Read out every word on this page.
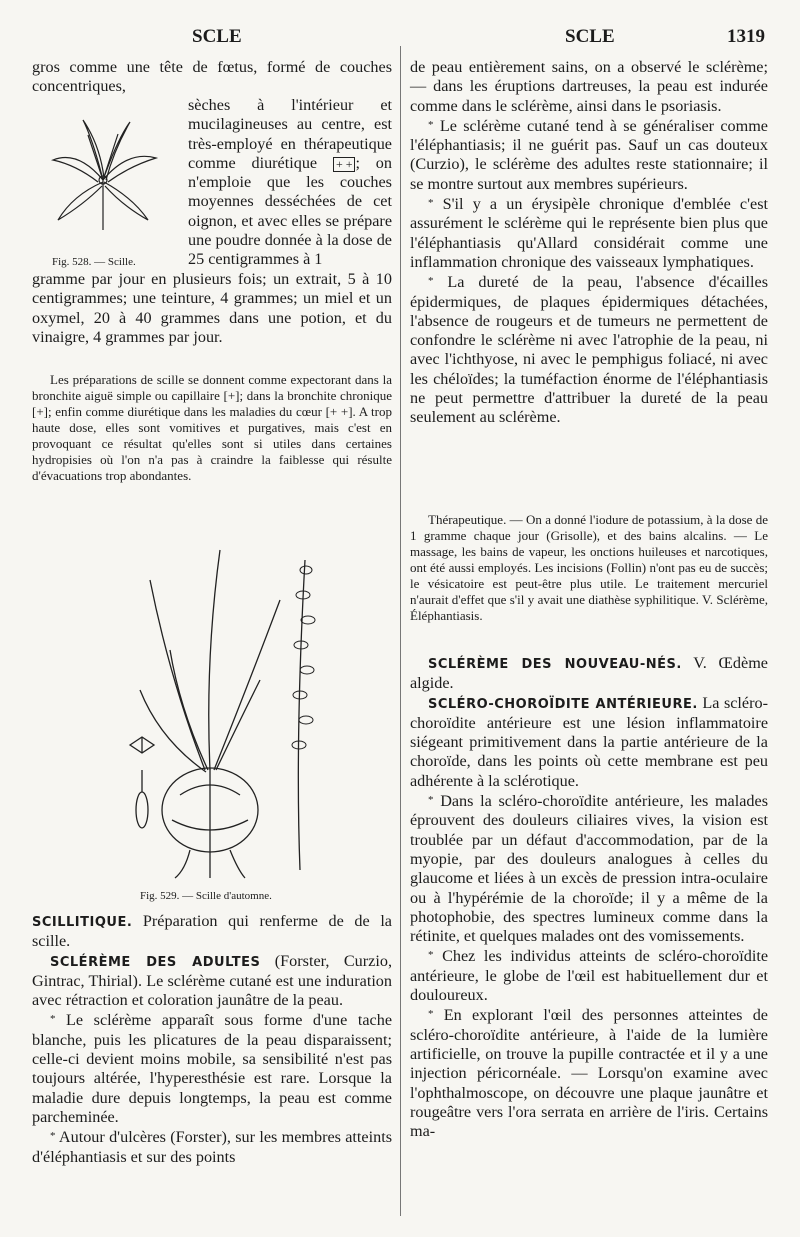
SCLE	SCLE	1319
Fig. 528. — Scille.

gros comme une tête de fœtus, formé de couches concentriques,

sèches à l'intérieur et mucilagineuses au centre, est très-employé en thérapeutique comme diurétique + + ; on n'emploie que les couches moyennes desséchées de cet oignon, et avec elles se prépare une poudre donnée à la dose de 25 centigrammes à 1

gramme par jour en plusieurs fois; un extrait, 5 à 10 centigrammes; une teinture, 4 grammes; un miel et un oxymel, 20 à 40 grammes dans une potion, et du vinaigre, 4 grammes par jour.

Les préparations de scille se donnent comme expectorant dans la bronchite aiguë simple ou capillaire [+]; dans la bronchite chronique [+]; enfin comme diurétique dans les maladies du cœur [+ +]. A trop haute dose, elles sont vomitives et purgatives, mais c'est en provoquant ce résultat qu'elles sont si utiles dans certaines hydropisies où l'on n'a pas à craindre la faiblesse qui résulte d'évacuations trop abondantes.

Fig. 529. — Scille d'automne.

SCILLITIQUE. Préparation qui renferme de de la scille.

SCLÉRÈME DES ADULTES (Forster, Curzio, Gintrac, Thirial). Le sclérème cutané est une induration avec rétraction et coloration jaunâtre de la peau.

* Le sclérème apparaît sous forme d'une tache blanche, puis les plicatures de la peau disparaissent; celle-ci devient moins mobile, sa sensibilité n'est pas toujours altérée, l'hyperesthésie est rare. Lorsque la maladie dure depuis longtemps, la peau est comme parcheminée.

* Autour d'ulcères (Forster), sur les membres atteints d'éléphantiasis et sur des points

de peau entièrement sains, on a observé le sclérème; — dans les éruptions dartreuses, la peau est indurée comme dans le sclérème, ainsi dans le psoriasis.

* Le sclérème cutané tend à se généraliser comme l'éléphantiasis; il ne guérit pas. Sauf un cas douteux (Curzio), le sclérème des adultes reste stationnaire; il se montre surtout aux membres supérieurs.

* S'il y a un érysipèle chronique d'emblée c'est assurément le sclérème qui le représente bien plus que l'éléphantiasis qu'Allard considérait comme une inflammation chronique des vaisseaux lymphatiques.

* La dureté de la peau, l'absence d'écailles épidermiques, de plaques épidermiques détachées, l'absence de rougeurs et de tumeurs ne permettent de confondre le sclérème ni avec l'atrophie de la peau, ni avec l'ichthyose, ni avec le pemphigus foliacé, ni avec les chéloïdes; la tuméfaction énorme de l'éléphantiasis ne peut permettre d'attribuer la dureté de la peau seulement au sclérème.

Thérapeutique. — On a donné l'iodure de potassium, à la dose de 1 gramme chaque jour (Grisolle), et des bains alcalins. — Le massage, les bains de vapeur, les onctions huileuses et narcotiques, ont été aussi employés. Les incisions (Follin) n'ont pas eu de succès; le vésicatoire est peut-être plus utile. Le traitement mercuriel n'aurait d'effet que s'il y avait une diathèse syphilitique. V. Sclérème, Éléphantiasis.

SCLÉRÈME DES NOUVEAU-NÉS. V. Œdème algide.

SCLÉRO-CHOROÏDITE ANTÉRIEURE. La scléro-choroïdite antérieure est une lésion inflammatoire siégeant primitivement dans la partie antérieure de la choroïde, dans les points où cette membrane est peu adhérente à la sclérotique.

* Dans la scléro-choroïdite antérieure, les malades éprouvent des douleurs ciliaires vives, la vision est troublée par un défaut d'accommodation, par de la myopie, par des douleurs analogues à celles du glaucome et liées à un excès de pression intra-oculaire ou à l'hypérémie de la choroïde; il y a même de la photophobie, des spectres lumineux comme dans la rétinite, et quelques malades ont des vomissements.

* Chez les individus atteints de scléro-choroïdite antérieure, le globe de l'œil est habituellement dur et douloureux.

* En explorant l'œil des personnes atteintes de scléro-choroïdite antérieure, à l'aide de la lumière artificielle, on trouve la pupille contractée et il y a une injection péricornéale. — Lorsqu'on examine avec l'ophthalmoscope, on découvre une plaque jaunâtre et rougeâtre vers l'ora serrata en arrière de l'iris. Certains ma-
